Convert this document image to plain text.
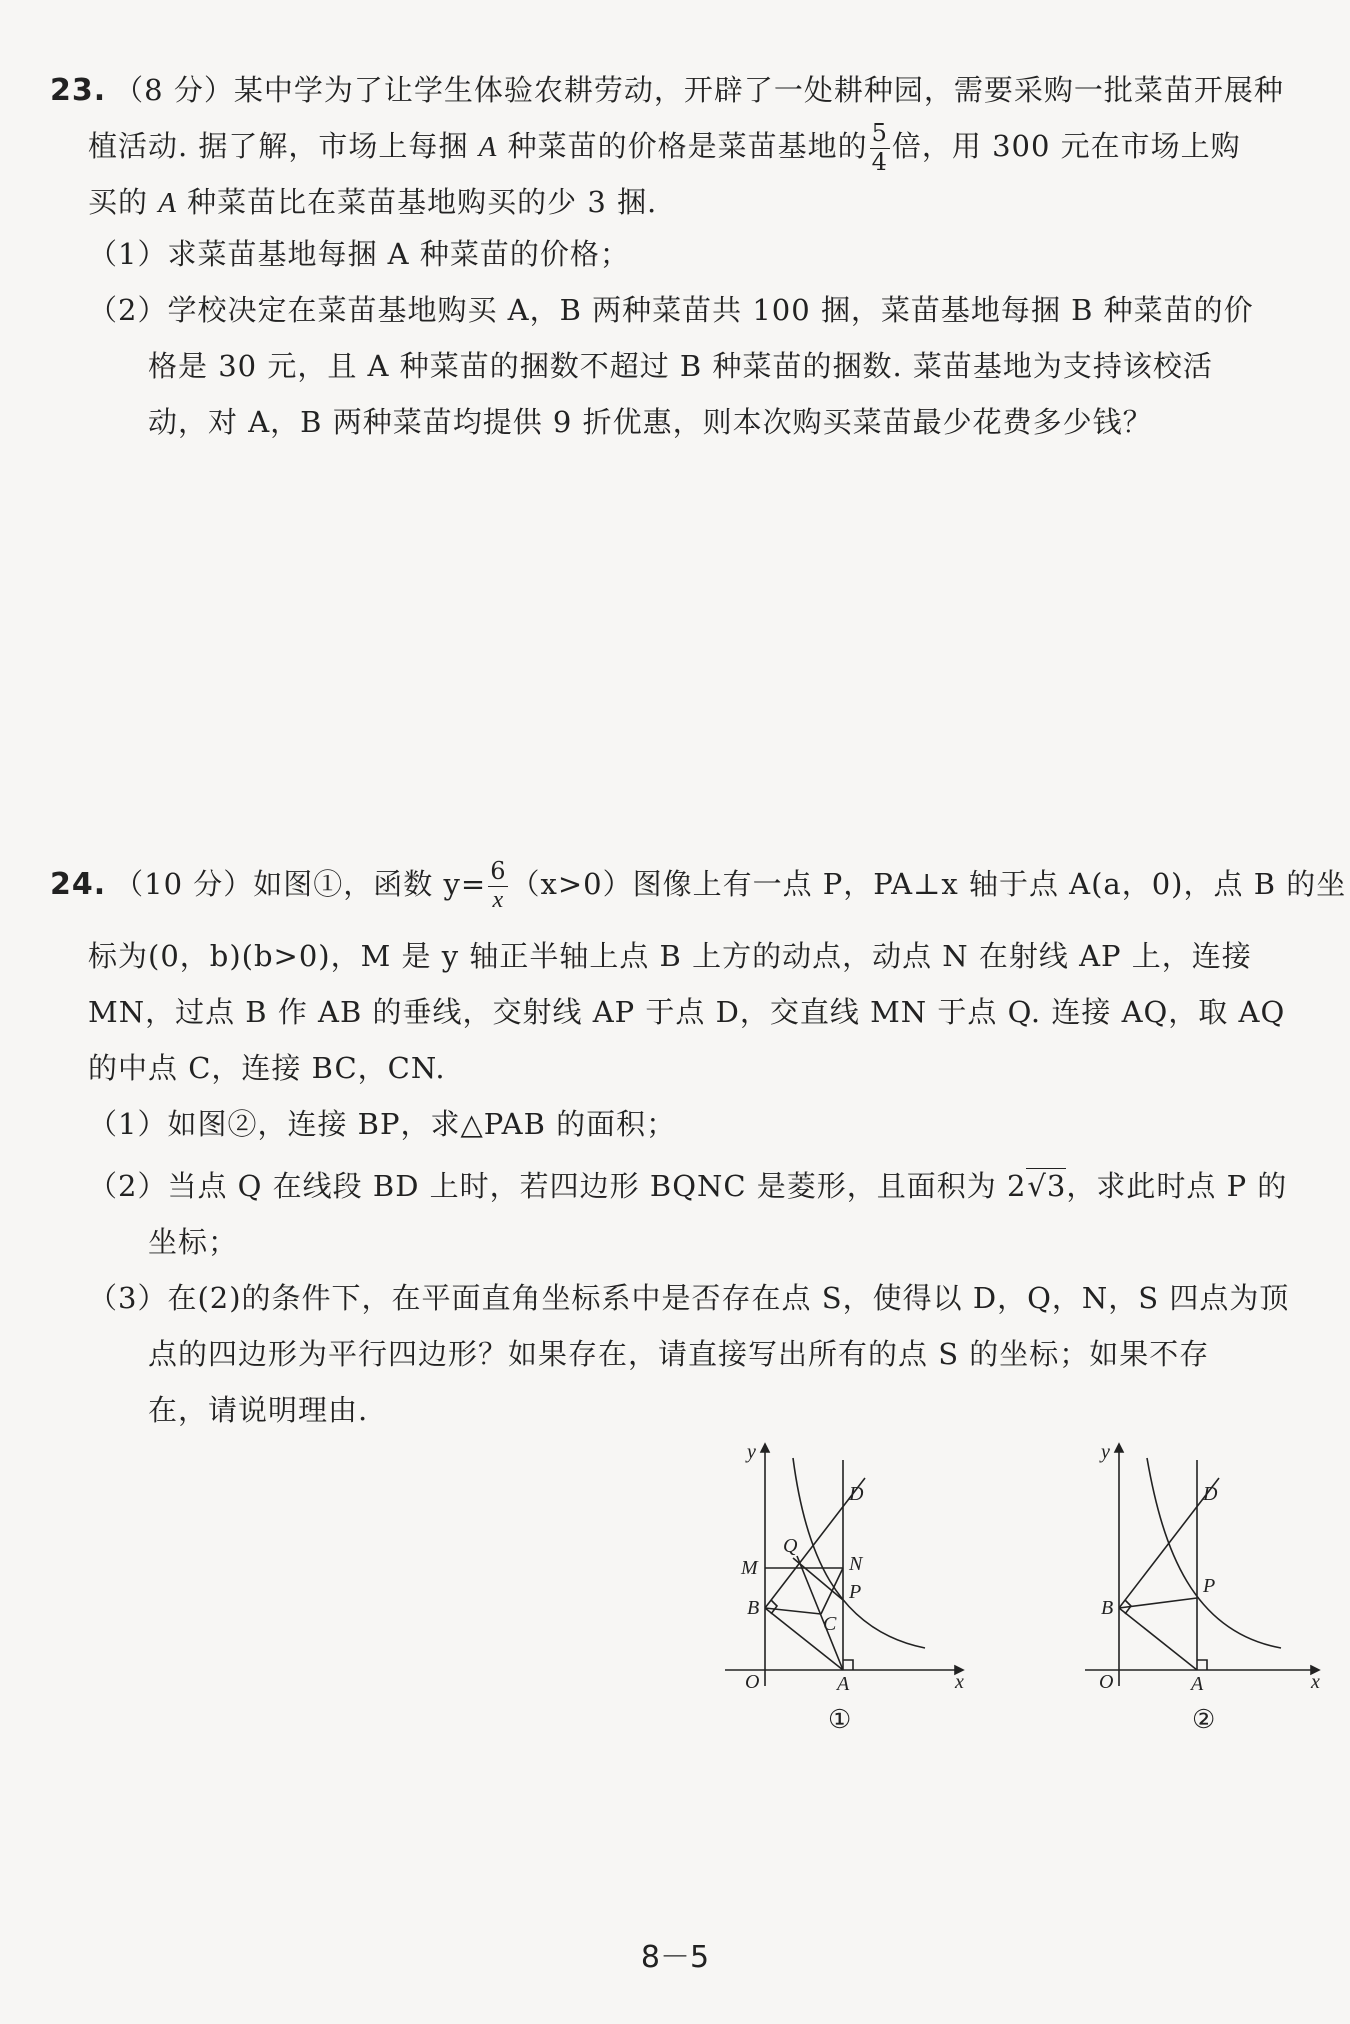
23. （8 分）某中学为了让学生体验农耕劳动，开辟了一处耕种园，需要采购一批菜苗开展种
植活动. 据了解，市场上每捆 A 种菜苗的价格是菜苗基地的 $\frac{5}{4}$ 倍，用 300 元在市场上购
买的 A 种菜苗比在菜苗基地购买的少 3 捆.
（1）求菜苗基地每捆 A 种菜苗的价格；
（2）学校决定在菜苗基地购买 A，B 两种菜苗共 100 捆，菜苗基地每捆 B 种菜苗的价
格是 30 元，且 A 种菜苗的捆数不超过 B 种菜苗的捆数. 菜苗基地为支持该校活
动，对 A，B 两种菜苗均提供 9 折优惠，则本次购买菜苗最少花费多少钱？
24. （10 分）如图①，函数 $y= \frac{6}{x} (x>0)$图像上有一点 P，PA⊥x 轴于点 A(a，0)，点 B 的坐
标为(0，b)(b>0)，M 是 y 轴正半轴上点 B 上方的动点，动点 N 在射线 AP 上，连接
MN，过点 B 作 AB 的垂线，交射线 AP 于点 D，交直线 MN 于点 Q. 连接 AQ，取 AQ
的中点 C，连接 BC，CN.
（1）如图②，连接 BP，求△PAB 的面积；
（2）当点 Q 在线段 BD 上时，若四边形 BQNC 是菱形，且面积为 2√3，求此时点 P 的
坐标；
（3）在(2)的条件下，在平面直角坐标系中是否存在点 S，使得以 D，Q，N，S 四点为顶
点的四边形为平行四边形？如果存在，请直接写出所有的点 S 的坐标；如果不存
在，请说明理由.
y
x
O	A
B
M
Q
N
P
C
D
①
y
x
O	A
B
P
D
②
8－5
